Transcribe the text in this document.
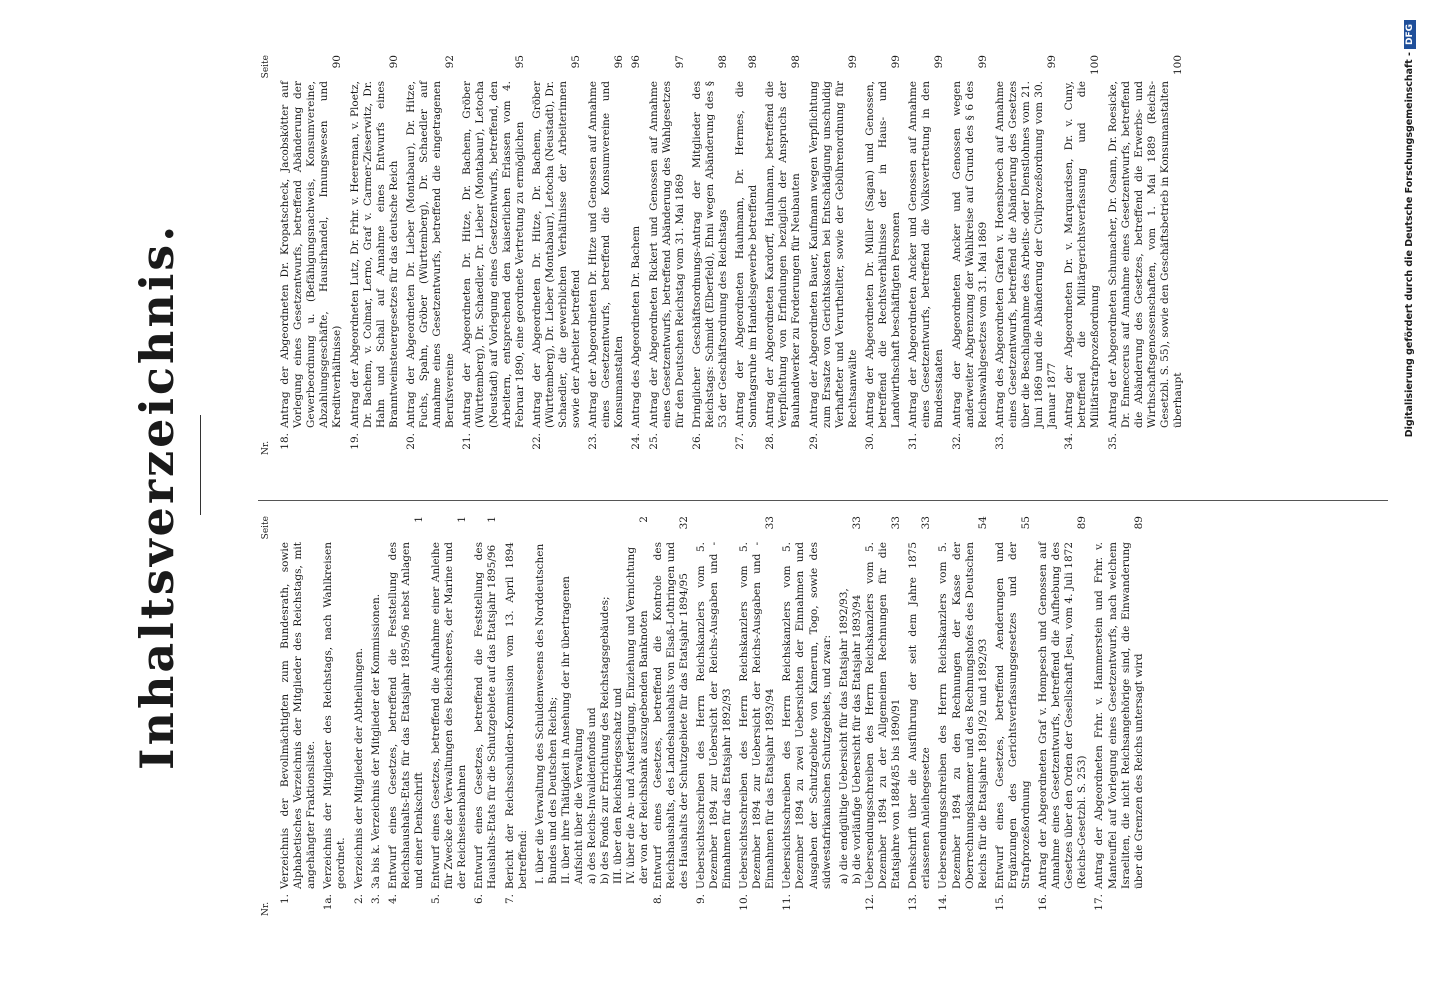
Inhaltsverzeichnis.
Nr.
Seite
1.
Verzeichnis der Bevollmächtigten zum Bundesrath, sowie Alphabetisches Verzeichnis der Mitglieder des Reichstags, mit angehängter Fraktionsliste.
1a.
Verzeichnis der Mitglieder des Reichstags, nach Wahlkreisen geordnet.
2.
Verzeichnis der Mitglieder der Abtheilungen.
3.
3a bis k. Verzeichnis der Mitglieder der Kommissionen.
4.
Entwurf eines Gesetzes, betreffend die Feststellung des Reichshaushalts-Etats für das Etatsjahr 1895/96 nebst Anlagen und einer Denkschrift
1
5.
Entwurf eines Gesetzes, betreffend die Aufnahme einer Anleihe für Zwecke der Verwaltungen des Reichsheeres, der Marine und der Reichseisenbahnen
1
6.
Entwurf eines Gesetzes, betreffend die Feststellung des Haushalts-Etats für die Schutzgebiete auf das Etatsjahr 1895/96
1
7.
Bericht der Reichsschulden-Kommission vom 13. April 1894 betreffend: I. über die Verwaltung des Schuldenwesens des Norddeutschen Bundes und des Deutschen Reichs; II. über ihre Thätigkeit in Ansehung der ihr übertragenen Aufsicht über die Verwaltung a) des Reichs-Invalidenfonds und b) des Fonds zur Errichtung des Reichstagsgebäudes; III. über den Reichskriegsschatz und IV. über die An- und Ausfertigung, Einziehung und Vernichtung der von der Reichsbank auszugebenden Banknoten
2
8.
Entwurf eines Gesetzes, betreffend die Kontrole des Reichshaushalts, des Landeshaushalts von Elsaß-Lothringen und des Haushalts der Schutzgebiete für das Etatsjahr 1894/95
32
9.
Uebersichtsschreiben des Herrn Reichskanzlers vom 5. Dezember 1894 zur Uebersicht der Reichs-Ausgaben und -Einnahmen für das Etatsjahr 1892/93
10.
Uebersichtsschreiben des Herrn Reichskanzlers vom 5. Dezember 1894 zur Uebersicht der Reichs-Ausgaben und -Einnahmen für das Etatsjahr 1893/94
33
11.
Uebersichtsschreiben des Herrn Reichskanzlers vom 5. Dezember 1894 zu zwei Uebersichten der Einnahmen und Ausgaben der Schutzgebiete von Kamerun, Togo, sowie des südwestafrikanischen Schutzgebiets, und zwar: a) die endgültige Uebersicht für das Etatsjahr 1892/93, b) die vorläufige Uebersicht für das Etatsjahr 1893/94
33
12.
Uebersendungsschreiben des Herrn Reichskanzlers vom 5. Dezember 1894 zu der Allgemeinen Rechnungen für die Etatsjahre von 1884/85 bis 1890/91
33
13.
Denkschrift über die Ausführung der seit dem Jahre 1875 erlassenen Anleihegesetze
33
14.
Uebersendungsschreiben des Herrn Reichskanzlers vom 5. Dezember 1894 zu den Rechnungen der Kasse der Oberrechnungskammer und des Rechnungshofes des Deutschen Reichs für die Etatsjahre 1891/92 und 1892/93
54
15.
Entwurf eines Gesetzes, betreffend Aenderungen und Ergänzungen des Gerichtsverfassungsgesetzes und der Strafprozeßordnung
55
16.
Antrag der Abgeordneten Graf v. Hompesch und Genossen auf Annahme eines Gesetzentwurfs, betreffend die Aufhebung des Gesetzes über den Orden der Gesellschaft Jesu, vom 4. Juli 1872 (Reichs-Gesetzbl. S. 253)
89
17.
Antrag der Abgeordneten Frhr. v. Hammerstein und Frhr. v. Manteuffel auf Vorlegung eines Gesetzentwurfs, nach welchem Israeliten, die nicht Reichsangehörige sind, die Einwanderung über die Grenzen des Reichs untersagt wird
89
Nr.
Seite
18.
Antrag der Abgeordneten Dr. Kropatscheck, Jacobskötter auf Vorlegung eines Gesetzentwurfs, betreffend Abänderung der Gewerbeordnung u. (Befähigungsnachweis, Konsumvereine, Abzahlungsgeschäfte, Hausirhandel, Innungswesen und Kreditverhältnisse)
90
19.
Antrag der Abgeordneten Lutz, Dr. Frhr. v. Heereman, v. Ploetz, Dr. Bachem, v. Colmar, Lerno, Graf v. Carmer-Zieserwitz, Dr. Hahn und Schall auf Annahme eines Entwurfs eines Branntweinsteuergesetzes für das deutsche Reich
90
20.
Antrag der Abgeordneten Dr. Lieber (Montabaur), Dr. Hitze, Fuchs, Spahn, Gröber (Württemberg), Dr. Schaedler auf Annahme eines Gesetzentwurfs, betreffend die eingetragenen Berufsvereine
92
21.
Antrag der Abgeordneten Dr. Hitze, Dr. Bachem, Gröber (Württemberg), Dr. Schaedler, Dr. Lieber (Montabaur), Letocha (Neustadt) auf Vorlegung eines Gesetzentwurfs, betreffend, den Arbeitern, entsprechend den kaiserlichen Erlassen vom 4. Februar 1890, eine geordnete Vertretung zu ermöglichen
95
22.
Antrag der Abgeordneten Dr. Hitze, Dr. Bachem, Gröber (Württemberg), Dr. Lieber (Montabaur), Letocha (Neustadt), Dr. Schaedler, die gewerblichen Verhältnisse der Arbeiterinnen sowie der Arbeiter betreffend
95
23.
Antrag der Abgeordneten Dr. Hitze und Genossen auf Annahme eines Gesetzentwurfs, betreffend die Konsumvereine und Konsumanstalten
96
24.
Antrag des Abgeordneten Dr. Bachem
96
25.
Antrag der Abgeordneten Rickert und Genossen auf Annahme eines Gesetzentwurfs, betreffend Abänderung des Wahlgesetzes für den Deutschen Reichstag vom 31. Mai 1869
97
26.
Dringlicher Geschäftsordnungs-Antrag der Mitglieder des Reichstags: Schmidt (Elberfeld), Ehni wegen Abänderung des § 53 der Geschäftsordnung des Reichstags
98
27.
Antrag der Abgeordneten Hauhmann, Dr. Hermes, die Sonntagsruhe im Handelsgewerbe betreffend
98
28.
Antrag der Abgeordneten Kardorff, Hauhmann, betreffend die Verpflichtung von Erfindungen bezüglich der Anspruchs der Bauhandwerker zu Forderungen für Neubauten
98
29.
Antrag der Abgeordneten Bauer, Kaufmann wegen Verpflichtung zum Ersatze von Gerichtskosten bei Entschädigung unschuldig Verhafteter und Verurtheilter, sowie der Gebührenordnung für Rechtsanwälte
99
30.
Antrag der Abgeordneten Dr. Müller (Sagan) und Genossen, betreffend die Rechtsverhältnisse der in Haus- und Landwirthschaft beschäftigten Personen
99
31.
Antrag der Abgeordneten Ancker und Genossen auf Annahme eines Gesetzentwurfs, betreffend die Volksvertretung in den Bundesstaaten
99
32.
Antrag der Abgeordneten Ancker und Genossen wegen anderweiter Abgrenzung der Wahlkreise auf Grund des § 6 des Reichswahlgesetzes vom 31. Mai 1869
99
33.
Antrag des Abgeordneten Grafen v. Hoensbroech auf Annahme eines Gesetzentwurfs, betreffend die Abänderung des Gesetzes über die Beschlagnahme des Arbeits- oder Dienstlohnes vom 21. Juni 1869 und die Abänderung der Civilprozeßordnung vom 30. Januar 1877
99
34.
Antrag der Abgeordneten Dr. v. Marquardsen, Dr. v. Cuny, betreffend die Militärgerichtsverfassung und die Militärstrafprozeßordnung
100
35.
Antrag der Abgeordneten Schumacher, Dr. Osann, Dr. Roesicke, Dr. Enneccerus auf Annahme eines Gesetzentwurfs, betreffend die Abänderung des Gesetzes, betreffend die Erwerbs- und Wirthschaftsgenossenschaften, vom 1. Mai 1889 (Reichs-Gesetzbl. S. 55), sowie den Geschäftsbetrieb in Konsumanstalten überhaupt
100	Digitalisierung gefördert durch die Deutsche Forschungsgemeinschaft -DFG
